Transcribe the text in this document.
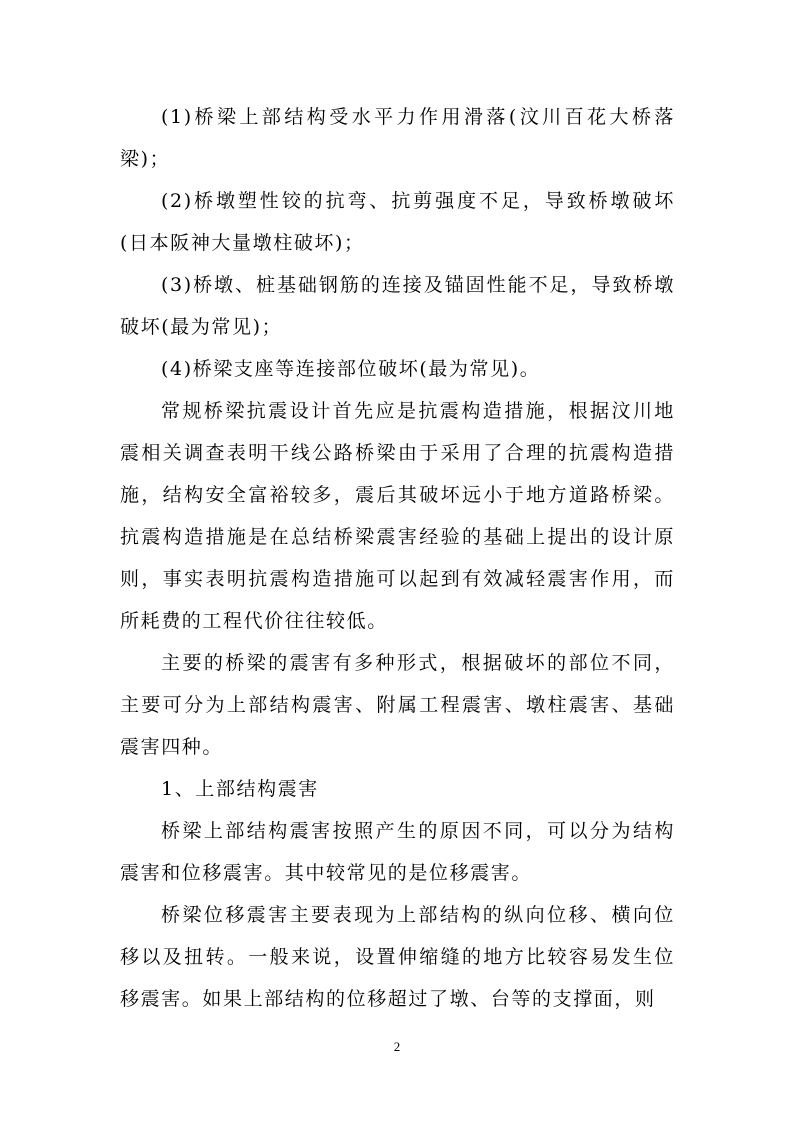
(1)桥梁上部结构受水平力作用滑落(汶川百花大桥落梁)；

(2)桥墩塑性铰的抗弯、抗剪强度不足，导致桥墩破坏(日本阪神大量墩柱破坏)；

(3)桥墩、桩基础钢筋的连接及锚固性能不足，导致桥墩破坏(最为常见)；

(4)桥梁支座等连接部位破坏(最为常见)。

常规桥梁抗震设计首先应是抗震构造措施，根据汶川地震相关调查表明干线公路桥梁由于采用了合理的抗震构造措施，结构安全富裕较多，震后其破坏远小于地方道路桥梁。抗震构造措施是在总结桥梁震害经验的基础上提出的设计原则，事实表明抗震构造措施可以起到有效减轻震害作用，而所耗费的工程代价往往较低。

主要的桥梁的震害有多种形式，根据破坏的部位不同，主要可分为上部结构震害、附属工程震害、墩柱震害、基础震害四种。

1、上部结构震害

桥梁上部结构震害按照产生的原因不同，可以分为结构震害和位移震害。其中较常见的是位移震害。

桥梁位移震害主要表现为上部结构的纵向位移、横向位移以及扭转。一般来说，设置伸缩缝的地方比较容易发生位移震害。如果上部结构的位移超过了墩、台等的支撑面，则

2
